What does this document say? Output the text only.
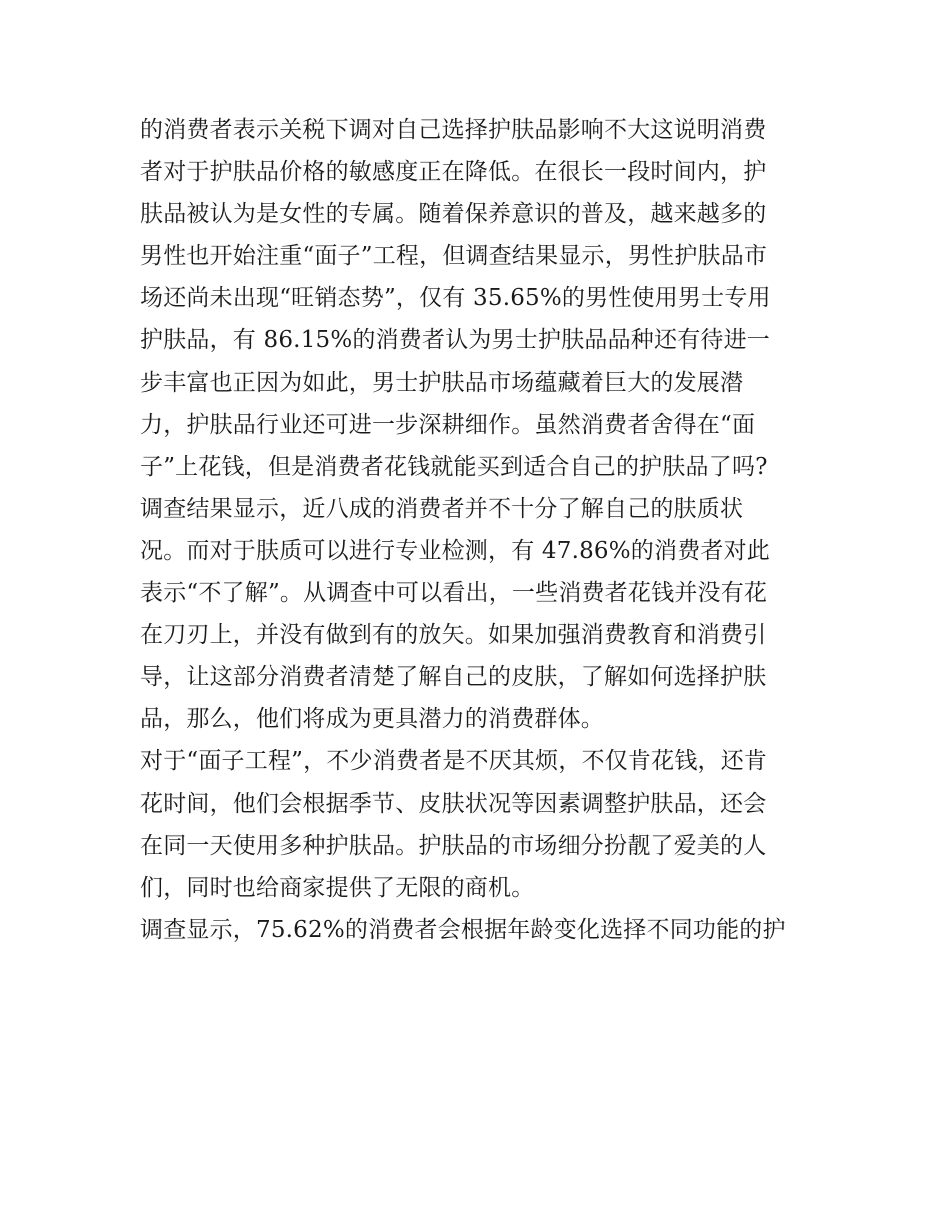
的消费者表示关税下调对自己选择护肤品影响不大这说明消费
者对于护肤品价格的敏感度正在降低。在很长一段时间内，护
肤品被认为是女性的专属。随着保养意识的普及，越来越多的
男性也开始注重“面子”工程，但调查结果显示，男性护肤品市
场还尚未出现“旺销态势”，仅有 35.65%的男性使用男士专用
护肤品，有 86.15%的消费者认为男士护肤品品种还有待进一
步丰富也正因为如此，男士护肤品市场蕴藏着巨大的发展潜
力，护肤品行业还可进一步深耕细作。虽然消费者舍得在“面
子”上花钱，但是消费者花钱就能买到适合自己的护肤品了吗?
调查结果显示，近八成的消费者并不十分了解自己的肤质状
况。而对于肤质可以进行专业检测，有 47.86%的消费者对此
表示“不了解”。从调查中可以看出，一些消费者花钱并没有花
在刀刃上，并没有做到有的放矢。如果加强消费教育和消费引
导，让这部分消费者清楚了解自己的皮肤，了解如何选择护肤
品，那么，他们将成为更具潜力的消费群体。
对于“面子工程”，不少消费者是不厌其烦，不仅肯花钱，还肯
花时间，他们会根据季节、皮肤状况等因素调整护肤品，还会
在同一天使用多种护肤品。护肤品的市场细分扮靓了爱美的人
们，同时也给商家提供了无限的商机。
调查显示，75.62%的消费者会根据年龄变化选择不同功能的护
